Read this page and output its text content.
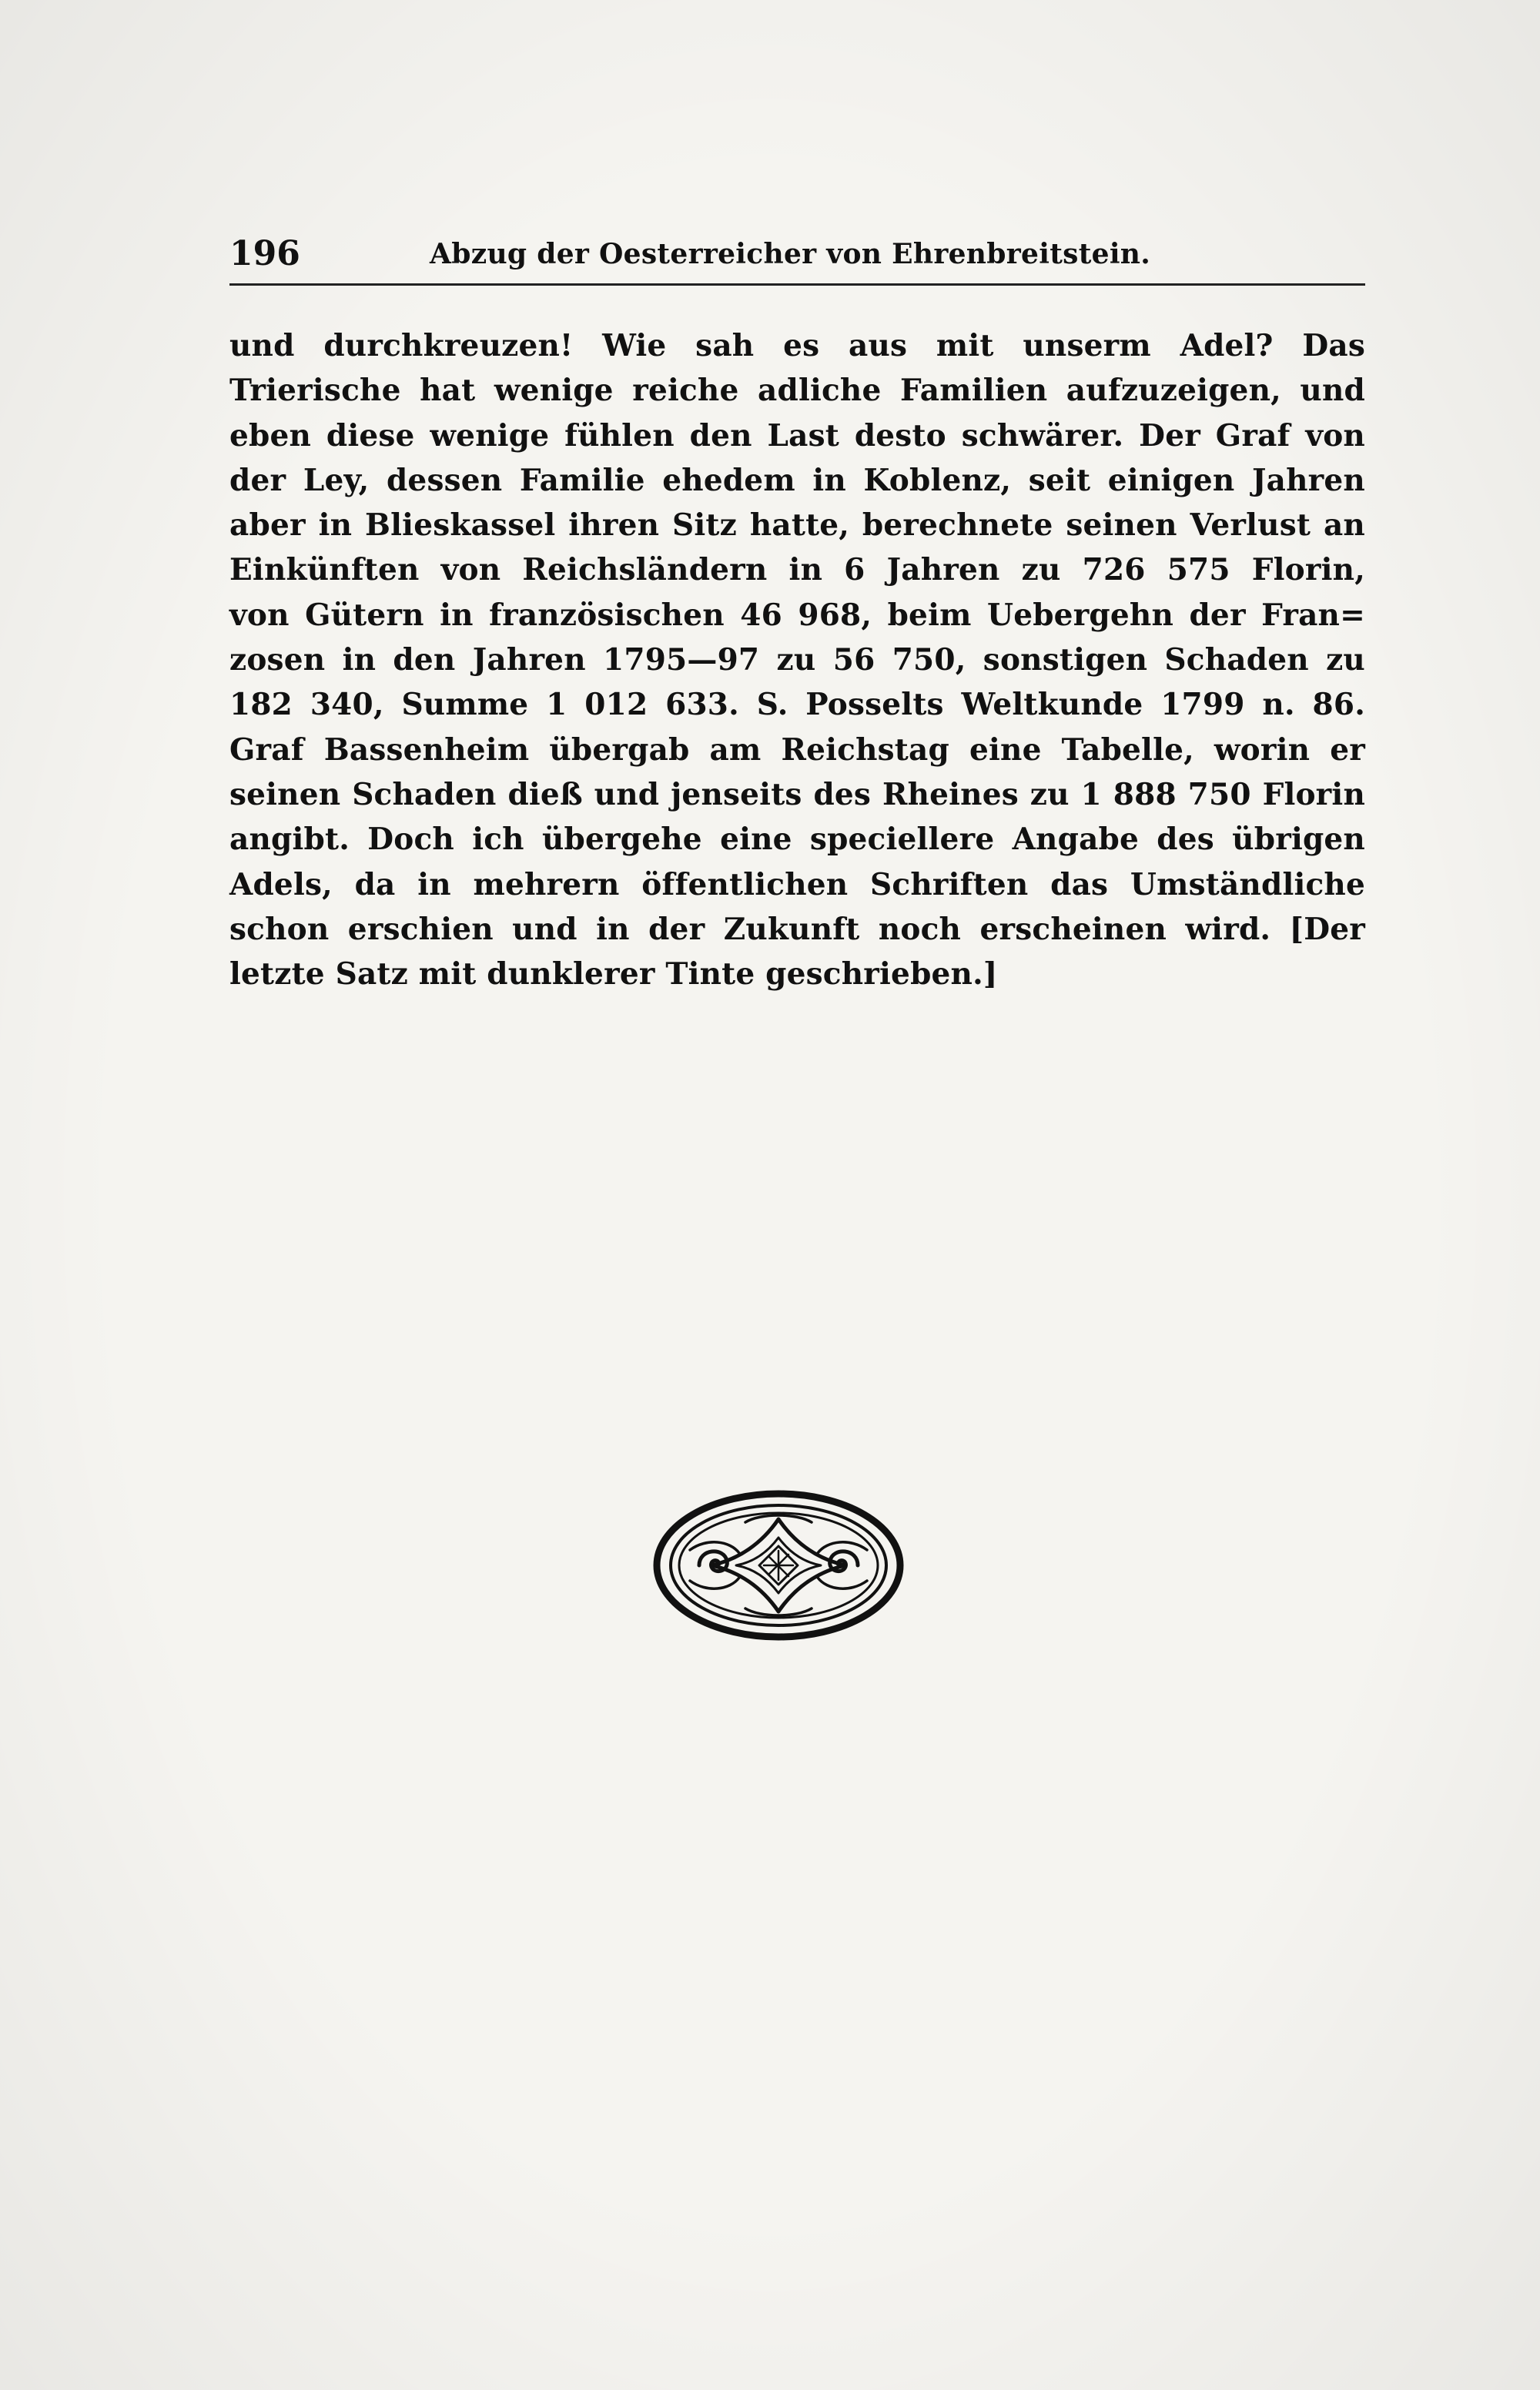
196	Abzug der Oesterreicher von Ehrenbreitstein.
und durchkreuzen! Wie sah es aus mit unserm Adel? Das
Trierische hat wenige reiche adliche Familien aufzuzeigen, und
eben diese wenige fühlen den Last desto schwärer. Der Graf von
der Ley, dessen Familie ehedem in Koblenz, seit einigen Jahren
aber in Blieskassel ihren Sitz hatte, berechnete seinen Verlust an
Einkünften von Reichsländern in 6 Jahren zu 726 575 Florin,
von Gütern in französischen 46 968, beim Uebergehn der Fran=
zosen in den Jahren 1795—97 zu 56 750, sonstigen Schaden zu
182 340, Summe 1 012 633. S. Posselts Weltkunde 1799 n. 86.
Graf Bassenheim übergab am Reichstag eine Tabelle, worin er
seinen Schaden dieß und jenseits des Rheines zu 1 888 750 Florin
angibt. Doch ich übergehe eine speciellere Angabe des übrigen
Adels, da in mehrern öffentlichen Schriften das Umständliche
schon erschien und in der Zukunft noch erscheinen wird. [Der
letzte Satz mit dunklerer Tinte geschrieben.]
